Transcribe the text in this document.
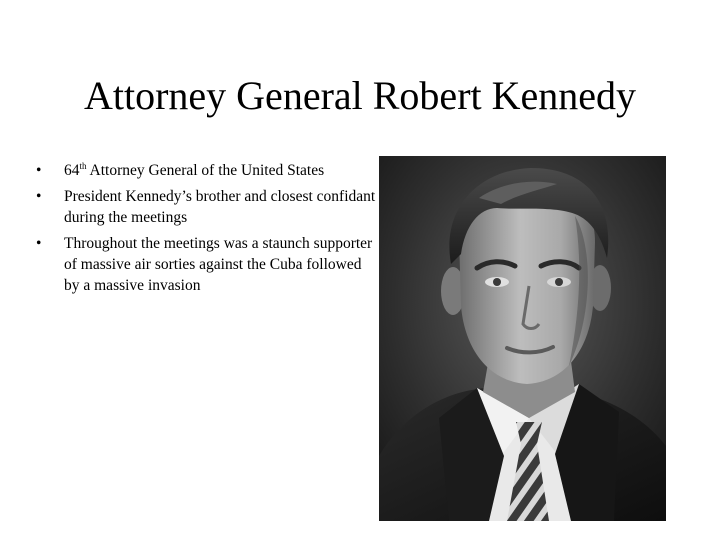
Attorney General Robert Kennedy
• 64th Attorney General of the United States
• President Kennedy’s brother and closest confidant during the meetings
• Throughout the meetings was a staunch supporter of massive air sorties against the Cuba followed by a massive invasion
